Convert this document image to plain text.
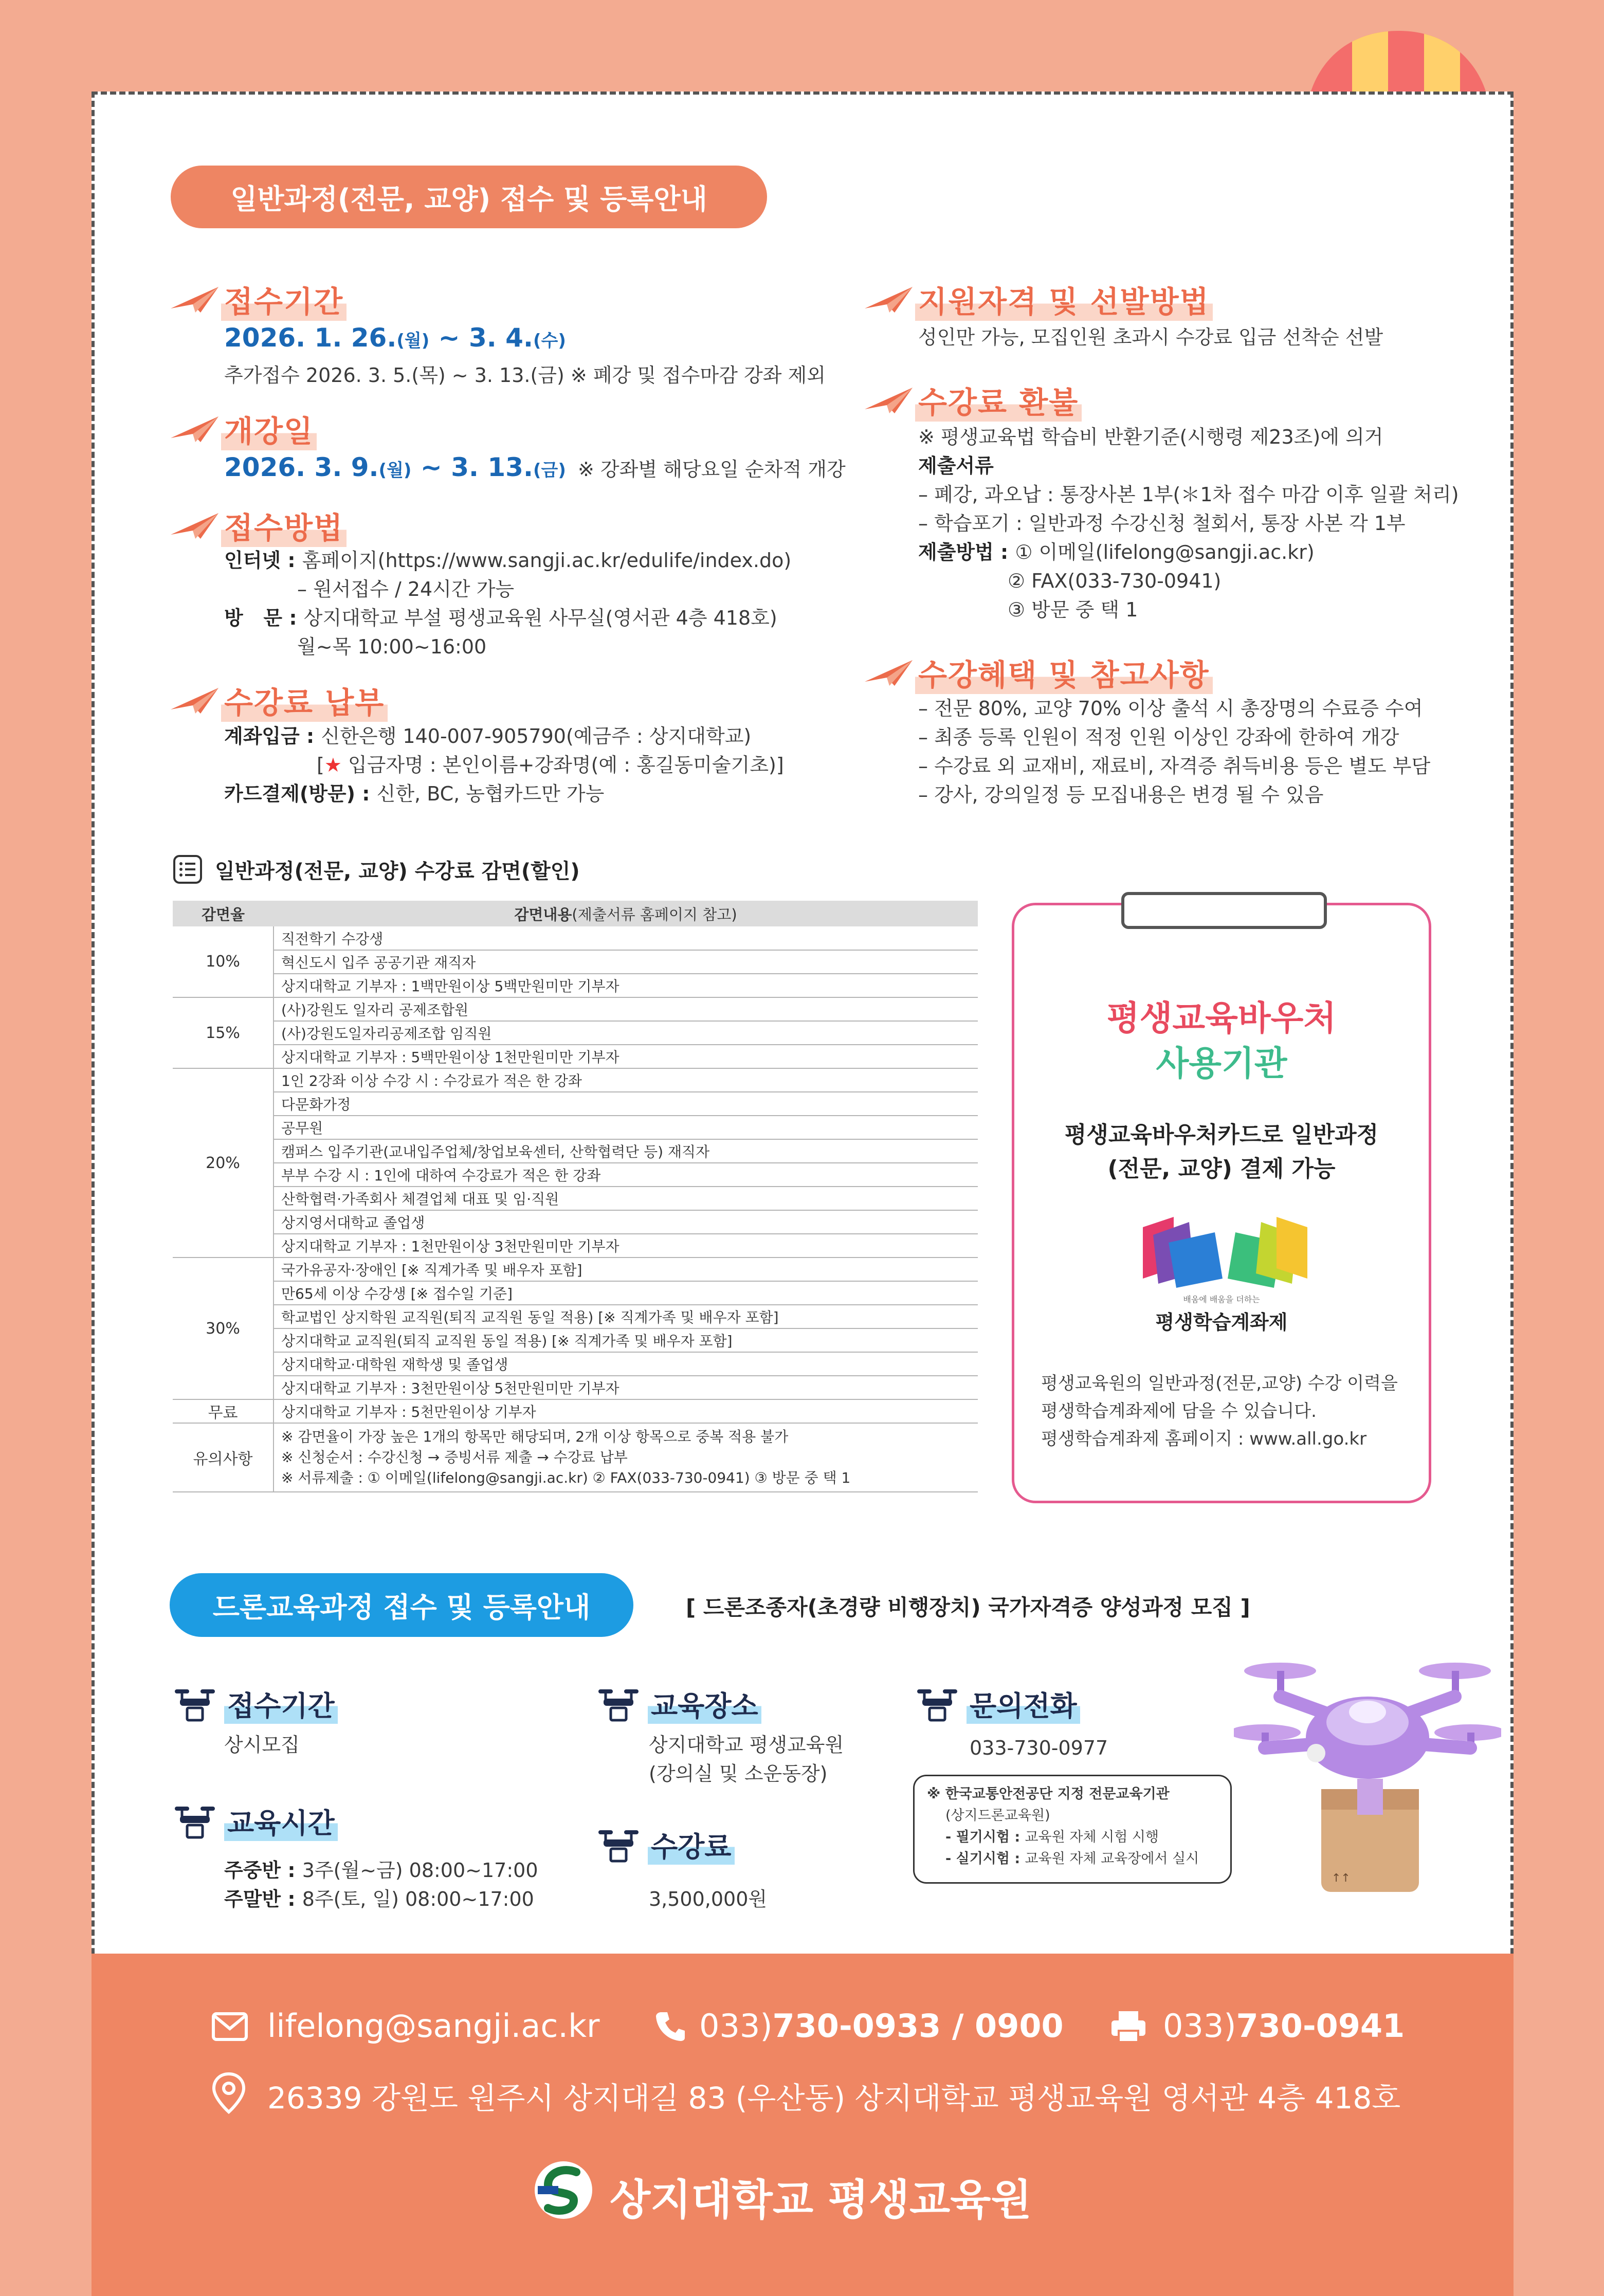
일반과정(전문, 교양) 접수 및 등록안내
접수기간
2026. 1. 26.(월) ~ 3. 4.(수)
추가접수 2026. 3. 5.(목) ~ 3. 13.(금) ※ 폐강 및 접수마감 강좌 제외
개강일
2026. 3. 9.(월) ~ 3. 13.(금) ※ 강좌별 해당요일 순차적 개강
접수방법
인터넷 : 홈페이지(https://www.sangji.ac.kr/edulife/index.do)
– 원서접수 / 24시간 가능
방   문 : 상지대학교 부설 평생교육원 사무실(영서관 4층 418호)
월~목 10:00~16:00
수강료 납부
계좌입금 : 신한은행 140-007-905790(예금주 : 상지대학교)
[★ 입금자명 : 본인이름+강좌명(예 : 홍길동미술기초)]
카드결제(방문) : 신한, BC, 농협카드만 가능
지원자격 및 선발방법
성인만 가능, 모집인원 초과시 수강료 입금 선착순 선발
수강료 환불
※ 평생교육법 학습비 반환기준(시행령 제23조)에 의거
제출서류
– 폐강, 과오납 : 통장사본 1부(＊1차 접수 마감 이후 일괄 처리)
– 학습포기 : 일반과정 수강신청 철회서, 통장 사본 각 1부
제출방법 : ① 이메일(lifelong@sangji.ac.kr)
② FAX(033-730-0941)
③ 방문 중 택 1
수강혜택 및 참고사항
– 전문 80%, 교양 70% 이상 출석 시 총장명의 수료증 수여
– 최종 등록 인원이 적정 인원 이상인 강좌에 한하여 개강
– 수강료 외 교재비, 재료비, 자격증 취득비용 등은 별도 부담
– 강사, 강의일정 등 모집내용은 변경 될 수 있음
일반과정(전문, 교양) 수강료 감면(할인)
감면율	감면내용(제출서류 홈페이지 참고)
10%	직전학기 수강생
	혁신도시 입주 공공기관 재직자
	상지대학교 기부자 : 1백만원이상 5백만원미만 기부자
15%	(사)강원도 일자리 공제조합원
	(사)강원도일자리공제조합 임직원
	상지대학교 기부자 : 5백만원이상 1천만원미만 기부자
20%	1인 2강좌 이상 수강 시 : 수강료가 적은 한 강좌
	다문화가정
	공무원
	캠퍼스 입주기관(교내입주업체/창업보육센터, 산학협력단 등) 재직자
	부부 수강 시 : 1인에 대하여 수강료가 적은 한 강좌
	산학협력·가족회사 체결업체 대표 및 임·직원
	상지영서대학교 졸업생
	상지대학교 기부자 : 1천만원이상 3천만원미만 기부자
30%	국가유공자·장애인 [※ 직계가족 및 배우자 포함]
	만65세 이상 수강생 [※ 접수일 기준]
	학교법인 상지학원 교직원(퇴직 교직원 동일 적용) [※ 직계가족 및 배우자 포함]
	상지대학교 교직원(퇴직 교직원 동일 적용) [※ 직계가족 및 배우자 포함]
	상지대학교·대학원 재학생 및 졸업생
	상지대학교 기부자 : 3천만원이상 5천만원미만 기부자
무료	상지대학교 기부자 : 5천만원이상 기부자
유의사항	※ 감면율이 가장 높은 1개의 항목만 해당되며, 2개 이상 항목으로 중복 적용 불가
※ 신청순서 : 수강신청 → 증빙서류 제출 → 수강료 납부
※ 서류제출 : ① 이메일(lifelong@sangji.ac.kr) ② FAX(033-730-0941) ③ 방문 중 택 1
평생교육바우처
사용기관
평생교육바우처카드로 일반과정
(전문, 교양) 결제 가능
배움에 배움을 더하는
평생학습계좌제
평생교육원의 일반과정(전문,교양) 수강 이력을
평생학습계좌제에 담을 수 있습니다.
평생학습계좌제 홈페이지 : www.all.go.kr
드론교육과정 접수 및 등록안내	[ 드론조종자(초경량 비행장치) 국가자격증 양성과정 모집 ]
접수기간
상시모집
교육시간
주중반 : 3주(월~금) 08:00~17:00
주말반 : 8주(토, 일) 08:00~17:00
교육장소
상지대학교 평생교육원
(강의실 및 소운동장)
수강료
3,500,000원
문의전화
033-730-0977
※ 한국교통안전공단 지정 전문교육기관
(상지드론교육원)
- 필기시험 : 교육원 자체 시험 시행
- 실기시험 : 교육원 자체 교육장에서 실시
↑↑
lifelong@sangji.ac.kr	033)730-0933 / 0900	033)730-0941
26339 강원도 원주시 상지대길 83 (우산동) 상지대학교 평생교육원 영서관 4층 418호
상지대학교 평생교육원
